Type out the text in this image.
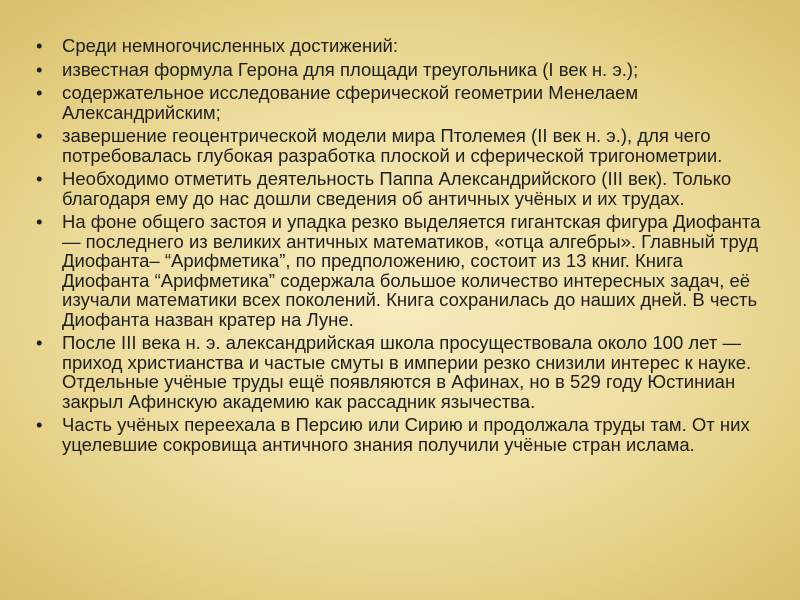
• Среди немногочисленных достижений:
• известная формула Герона для площади треугольника (I век н. э.);
• содержательное исследование сферической геометрии Менелаем Александрийским;
• завершение геоцентрической модели мира Птолемея (II век н. э.), для чего потребовалась глубокая разработка плоской и сферической тригонометрии.
• Необходимо отметить деятельность Паппа Александрийского (III век). Только благодаря ему до нас дошли сведения об античных учёных и их трудах.
• На фоне общего застоя и упадка резко выделяется гигантская фигура Диофанта— последнего из великих античных математиков, «отца алгебры». Главный труд Диофанта– “Арифметика”, по предположению, состоит из 13 книг. Книга Диофанта “Арифметика” содержала большое количество интересных задач, её изучали математики всех поколений. Книга сохранилась до наших дней. В честь Диофанта назван кратер на Луне.
• После III века н. э. александрийская школа просуществовала около 100 лет — приход христианства и частые смуты в империи резко снизили интерес к науке. Отдельные учёные труды ещё появляются в Афинах, но в 529 году Юстиниан закрыл Афинскую академию как рассадник язычества.
• Часть учёных переехала в Персию или Сирию и продолжала труды там. От них уцелевшие сокровища античного знания получили учёные стран ислама.
